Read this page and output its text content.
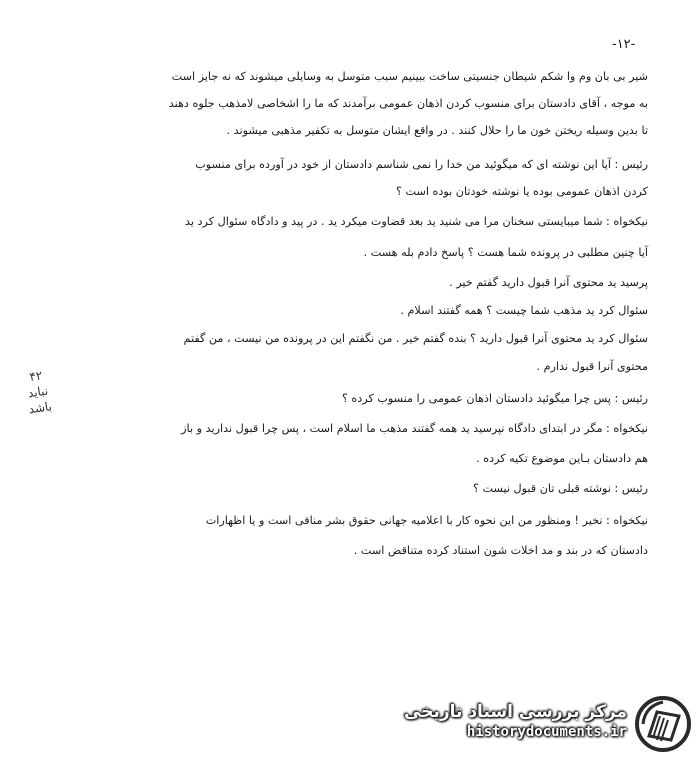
-۱۲-
شیر بی بان وم وا شکم شیطان جنسیتی ساخت ببینیم سبب متوسل به وسایلی میشوند که نه جایز است
به موجه ، آقای دادستان برای منسوب کردن اذهان عمومی برآمدند که ما را اشخاصی لامذهب جلوه دهند
تا بدین وسیله ریختن خون ما را حلال کنند . در واقع ایشان متوسل به تکفیر مذهبی میشوند .
رئیس : آیا این نوشته ای که میگوئید من خدا را نمی شناسم دادستان از خود در آورده برای منسوب
کردن اذهان عمومی بوده یا نوشته خودتان بوده است ؟
نیکخواه : شما میبایستی سخنان مرا می شنید ید بعد قضاوت میکرد ید . در پید و دادگاه سئوال کرد ید
آیا چنین مطلبی در پرونده شما هست ؟ پاسخ دادم بله هست .
پرسید ید محتوی آنرا قبول دارید گفتم خیر .
سئوال کرد ید مذهب شما چیست ؟ همه گفتند اسلام .
سئوال کرد ید محتوی آنرا قبول دارید ؟ بنده گفتم خیر . من نگفتم این در پرونده من نیست ، من گفتم
محتوی آنرا قبول ندارم .
رئیس : پس چرا میگوئید دادستان اذهان عمومی را منسوب کرده ؟
نیکخواه : مگر در ابتدای دادگاه نپرسید ید همه گفتند مذهب ما اسلام است ، پس چرا قبول ندارید و باز
هم دادستان بـاین موضوع تکیه کرده .
رئیس : نوشته قبلی تان قبول نیست ؟
نیکخواه : نخیر ! ومنظور من این نحوه کار با اعلامیه جهانی حقوق بشر منافی است و یا اظهارات
دادستان که در بند و مد اخلات شون استناد کرده متناقض است .
۴۲
نباید
باشد
مرکز بررسی اسناد تاریخی
historydocuments.ir
